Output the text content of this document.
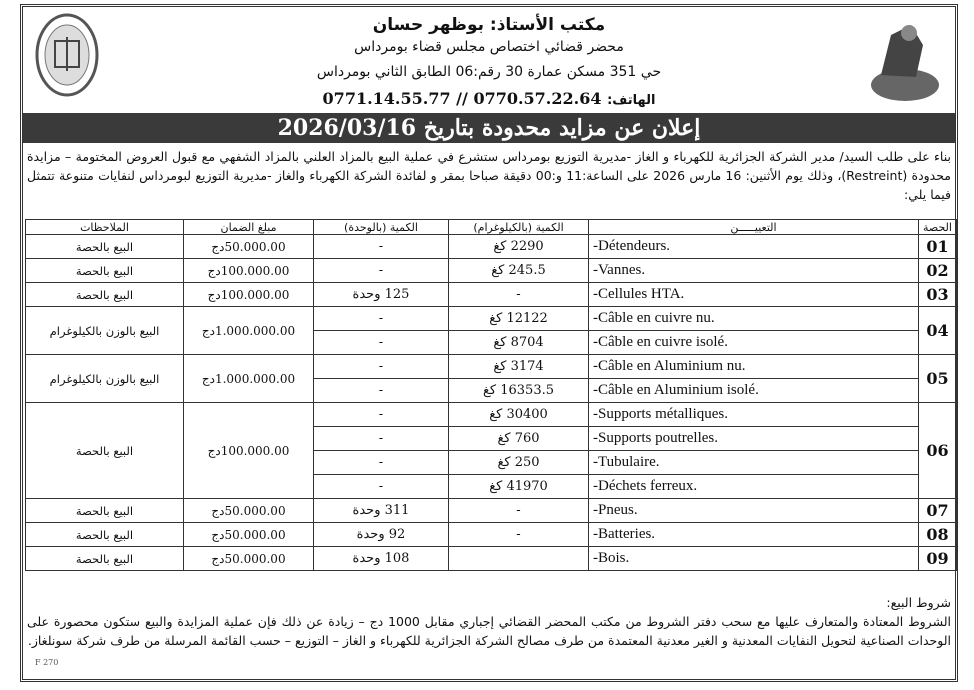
مكتب الأستاذ: بوظهر حسان
محضر قضائي اختصاص مجلس قضاء بومرداس
حي 351 مسكن عمارة 30 رقم:06 الطابق الثاني بومرداس
الهاتف: 0770.57.22.64 // 0771.14.55.77
إعلان عن مزايد محدودة بتاريخ 2026/03/16
بناء على طلب السيد/ مدير الشركة الجزائرية للكهرباء و الغاز -مديرية التوزيع بومرداس ستشرع في عملية البيع بالمزاد العلني بالمزاد الشفهي مع قبول العروض المختومة – مزايدة محدودة (Restreint)، وذلك يوم الأثنين: 16 مارس 2026 على الساعة:11 و:00 دقيقة صباحا بمقر و لفائدة الشركة الكهرباء والغاز -مديرية التوزيع لبومرداس لنفايات متنوعة تتمثل فيما يلي:
الحصة	التعييـــــن	الكمية (بالكيلوغرام)	الكمية (بالوحدة)	مبلغ الضمان	الملاحظات
01	-Détendeurs.	2290 كغ	-	50.000.00دج	البيع بالحصة
02	-Vannes.	245.5 كغ	-	100.000.00دج	البيع بالحصة
03	-Cellules HTA.	-	125 وحدة	100.000.00دج	البيع بالحصة
04	-Câble en cuivre nu.	12122 كغ	-	1.000.000.00دج	البيع بالوزن بالكيلوغرام
	-Câble en cuivre isolé.	8704 كغ	-		
05	-Câble en Aluminium nu.	3174 كغ	-	1.000.000.00دج	البيع بالوزن بالكيلوغرام
	-Câble en Aluminium isolé.	16353.5 كغ	-		
06	-Supports métalliques.	30400 كغ	-	100.000.00دج	البيع بالحصة
	-Supports poutrelles.	760 كغ	-		
	-Tubulaire.	250 كغ	-		
	-Déchets ferreux.	41970 كغ	-		
07	-Pneus.	-	311 وحدة	50.000.00دج	البيع بالحصة
08	-Batteries.	-	92 وحدة	50.000.00دج	البيع بالحصة
09	-Bois.		108 وحدة	50.000.00دج	البيع بالحصة
شروط البيع:
الشروط المعتادة والمتعارف عليها مع سحب دفتر الشروط من مكتب المحضر القضائي إجباري مقابل 1000 دج – زيادة عن ذلك فإن عملية المزايدة والبيع ستكون محصورة على الوحدات الصناعية لتحويل النفايات المعدنية و الغير معدنية المعتمدة من طرف مصالح الشركة الجزائرية للكهرباء و الغاز – التوزيع – حسب القائمة المرسلة من طرف شركة سونلغاز.
F 270
